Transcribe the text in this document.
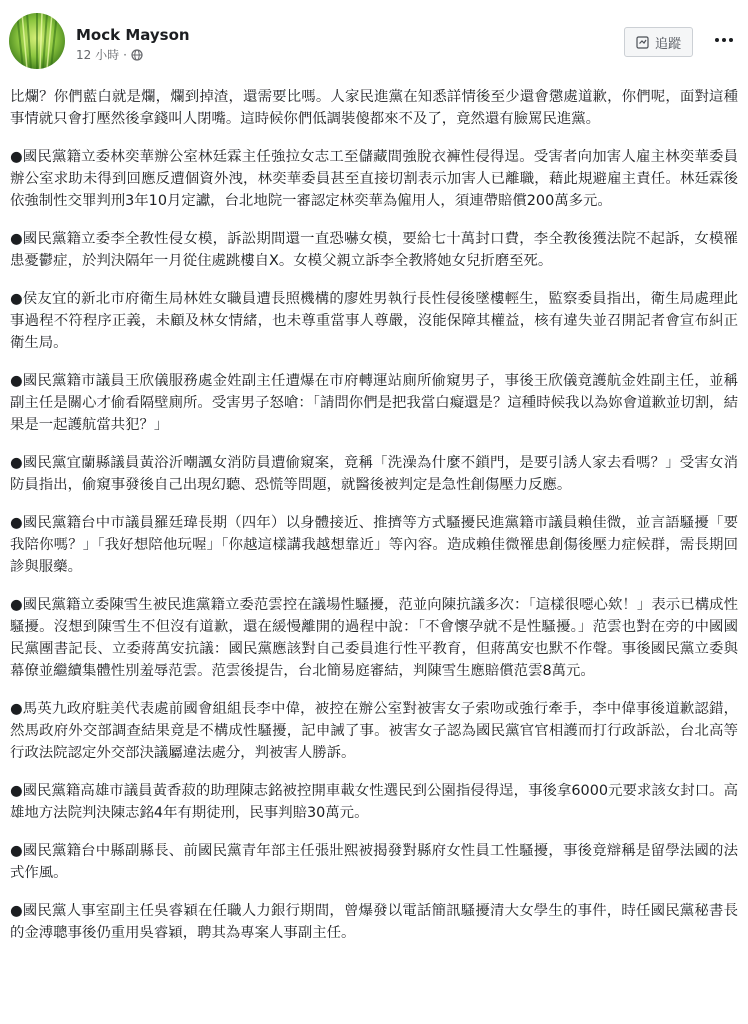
Mock Mayson
12 小時 ·
追蹤

比爛？你們藍白就是爛，爛到掉渣，還需要比嗎。人家民進黨在知悉詳情後至少還會懲處道歉，你們呢，面對這種事情就只會打壓然後拿錢叫人閉嘴。這時候你們低調裝傻都來不及了，竟然還有臉罵民進黨。

●國民黨籍立委林奕華辦公室林廷霖主任強拉女志工至儲藏間強脫衣褲性侵得逞。受害者向加害人雇主林奕華委員辦公室求助未得到回應反遭個資外洩，林奕華委員甚至直接切割表示加害人已離職，藉此規避雇主責任。林廷霖後依強制性交罪判刑3年10月定讞，台北地院一審認定林奕華為僱用人，須連帶賠償200萬多元。

●國民黨籍立委李全教性侵女模，訴訟期間還一直恐嚇女模，要給七十萬封口費，李全教後獲法院不起訴，女模罹患憂鬱症，於判決隔年一月從住處跳樓自X。女模父親立訴李全教將她女兒折磨至死。

●侯友宜的新北市府衛生局林姓女職員遭長照機構的廖姓男執行長性侵後墜樓輕生，監察委員指出，衛生局處理此事過程不符程序正義，未顧及林女情緒，也未尊重當事人尊嚴，沒能保障其權益，核有違失並召開記者會宣布糾正衛生局。

●國民黨籍市議員王欣儀服務處金姓副主任遭爆在市府轉運站廁所偷窺男子，事後王欣儀竟護航金姓副主任，並稱副主任是關心才偷看隔壁廁所。受害男子怒嗆：「請問你們是把我當白癡還是？這種時候我以為妳會道歉並切割，結果是一起護航當共犯？」

●國民黨宜蘭縣議員黃浴沂嘲諷女消防員遭偷窺案，竟稱「洗澡為什麼不鎖門，是要引誘人家去看嗎？」受害女消防員指出，偷窺事發後自己出現幻聽、恐慌等問題，就醫後被判定是急性創傷壓力反應。

●國民黨籍台中市議員羅廷瑋長期（四年）以身體接近、推擠等方式騷擾民進黨籍市議員賴佳微，並言語騷擾「要我陪你嗎？」「我好想陪他玩喔」「你越這樣講我越想靠近」等內容。造成賴佳微罹患創傷後壓力症候群，需長期回診與服藥。

●國民黨籍立委陳雪生被民進黨籍立委范雲控在議場性騷擾，范並向陳抗議多次：「這樣很噁心欸！」表示已構成性騷擾。沒想到陳雪生不但沒有道歉，還在緩慢離開的過程中說：「不會懷孕就不是性騷擾。」范雲也對在旁的中國國民黨團書記長、立委蔣萬安抗議：國民黨應該對自己委員進行性平教育，但蔣萬安也默不作聲。事後國民黨立委與幕僚並繼續集體性別羞辱范雲。范雲後提告，台北簡易庭審結，判陳雪生應賠償范雲8萬元。

●馬英九政府駐美代表處前國會組組長李中偉，被控在辦公室對被害女子索吻或強行牽手，李中偉事後道歉認錯，然馬政府外交部調查結果竟是不構成性騷擾，記申誡了事。被害女子認為國民黨官官相護而打行政訴訟，台北高等行政法院認定外交部決議屬違法處分，判被害人勝訴。

●國民黨籍高雄市議員黃香菽的助理陳志銘被控開車載女性選民到公園指侵得逞，事後拿6000元要求該女封口。高雄地方法院判決陳志銘4年有期徒刑，民事判賠30萬元。

●國民黨籍台中縣副縣長、前國民黨青年部主任張壯熙被揭發對縣府女性員工性騷擾，事後竟辯稱是留學法國的法式作風。

●國民黨人事室副主任吳睿穎在任職人力銀行期間，曾爆發以電話簡訊騷擾清大女學生的事件，時任國民黨秘書長的金溥聰事後仍重用吳睿穎，聘其為專案人事副主任。
